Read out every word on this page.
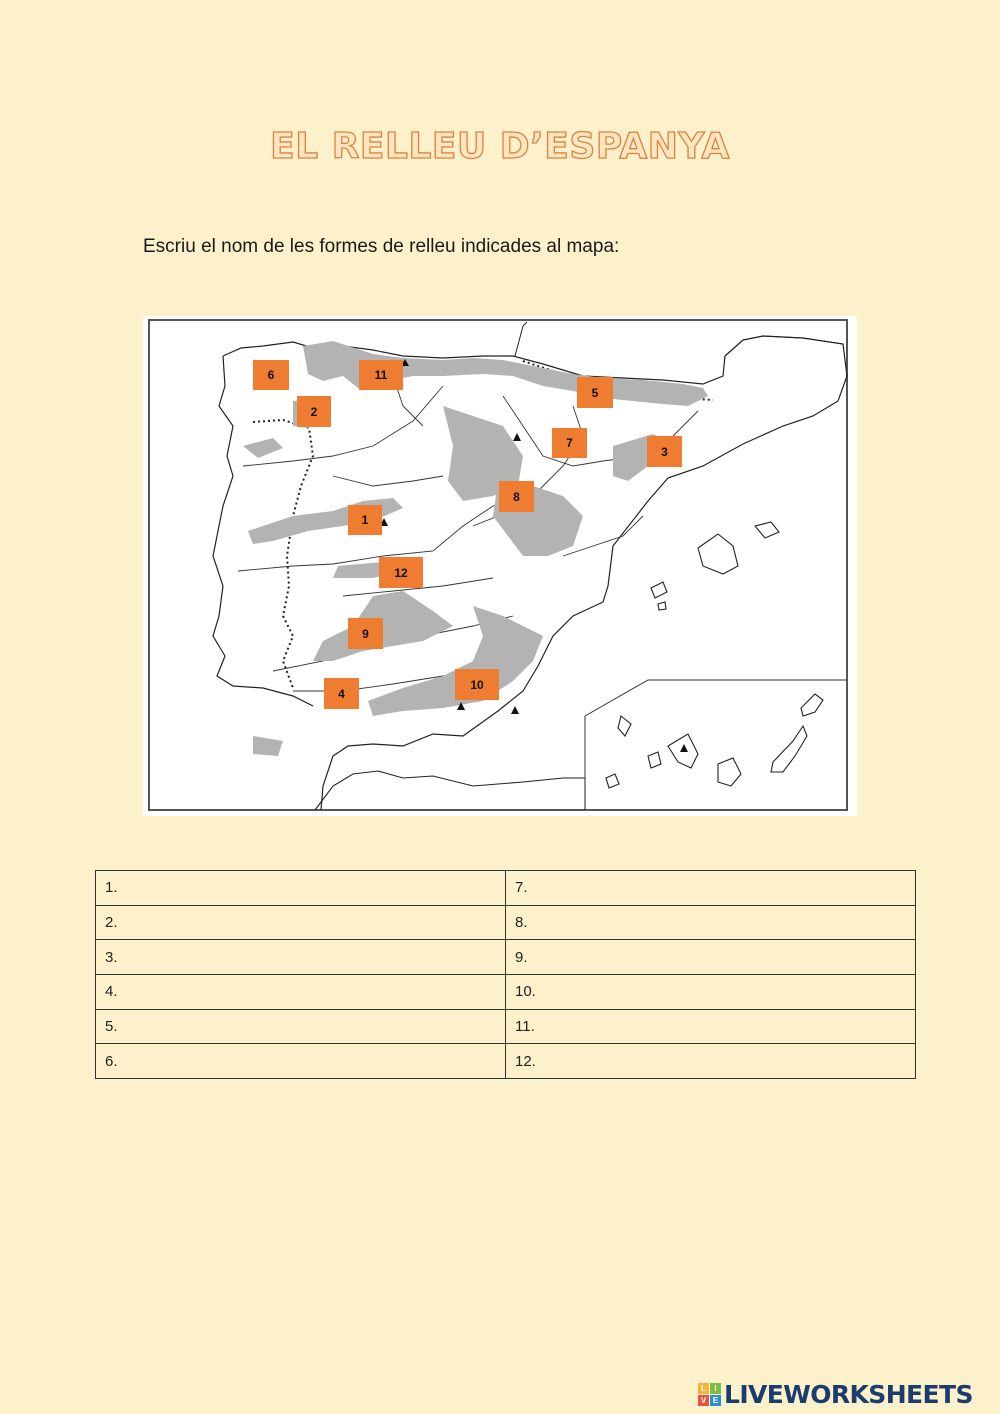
EL RELLEU D’ESPANYA
Escriu el nom de les formes de relleu indicades al mapa:
6	11
2
5
7
3
8
1
12
9
4
10
1.	7.
2.	8.
3.	9.
4.	10.
5.	11.
6.	12.
L	I
V E LIVEWORKSHEETS
